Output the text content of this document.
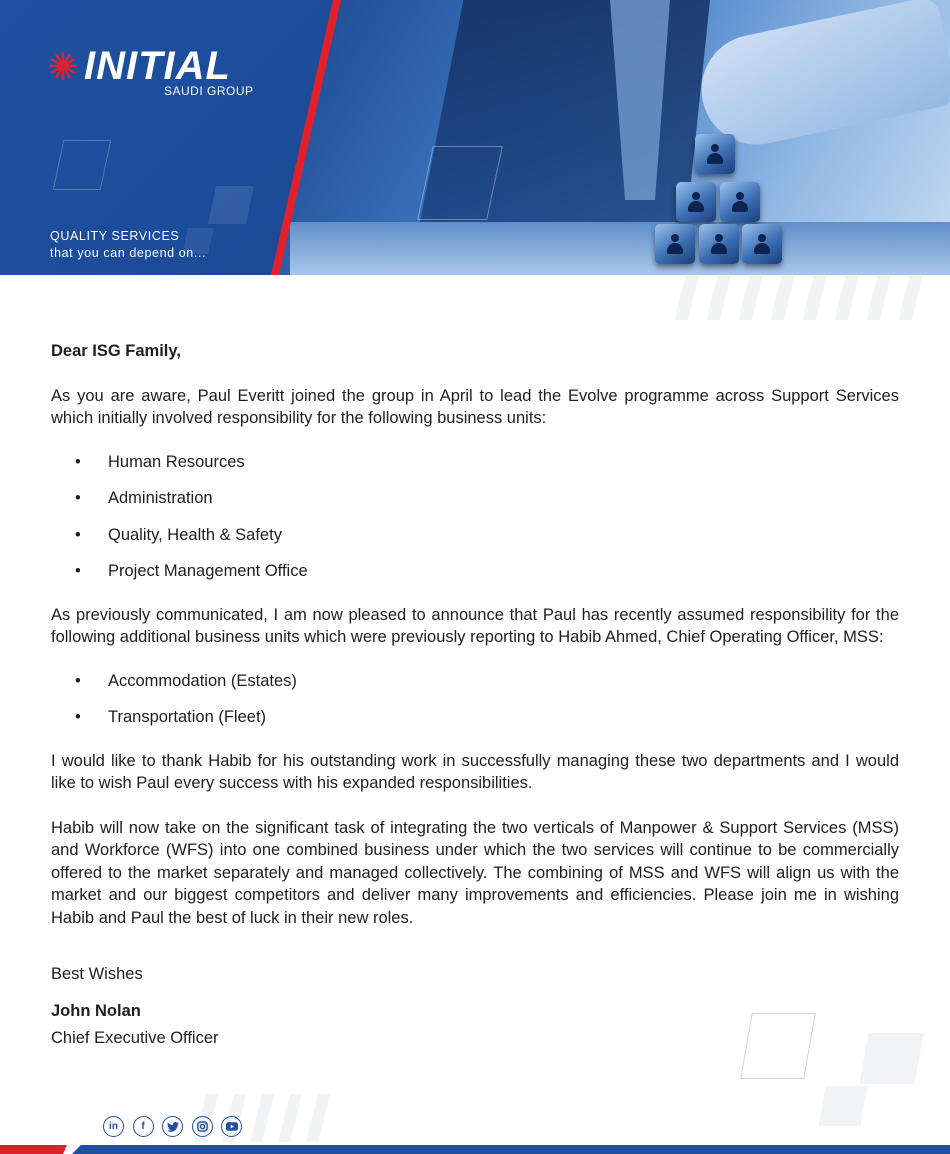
INITIAL
SAUDI GROUP
QUALITY SERVICES
that you can depend on...

Dear ISG Family,

As you are aware, Paul Everitt joined the group in April to lead the Evolve programme across Support Services which initially involved responsibility for the following business units:

• Human Resources
• Administration
• Quality, Health & Safety
• Project Management Office

As previously communicated, I am now pleased to announce that Paul has recently assumed responsibility for the following additional business units which were previously reporting to Habib Ahmed, Chief Operating Officer, MSS:

• Accommodation (Estates)
• Transportation (Fleet)

I would like to thank Habib for his outstanding work in successfully managing these two departments and I would like to wish Paul every success with his expanded responsibilities.

Habib will now take on the significant task of integrating the two verticals of Manpower & Support Services (MSS) and Workforce (WFS) into one combined business under which the two services will continue to be commercially offered to the market separately and managed collectively. The combining of MSS and WFS will align us with the market and our biggest competitors and deliver many improvements and efficiencies. Please join me in wishing Habib and Paul the best of luck in their new roles.

Best Wishes

John Nolan

Chief Executive Officer

in f
